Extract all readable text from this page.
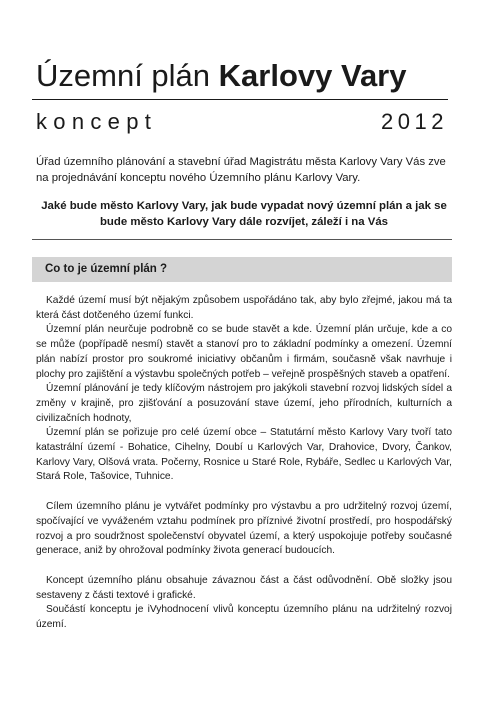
Územní plán Karlovy Vary
koncept	2012

Úřad územního plánování a stavební úřad Magistrátu města Karlovy Vary Vás zve na projednávání konceptu nového Územního plánu Karlovy Vary.

Jaké bude město Karlovy Vary, jak bude vypadat nový územní plán a jak se bude město Karlovy Vary dále rozvíjet, záleží i na Vás

Co to je územní plán ?

Každé území musí být nějakým způsobem uspořádáno tak, aby bylo zřejmé, jakou má ta která část dotčeného území funkci.

Územní plán neurčuje podrobně co se bude stavět a kde. Územní plán určuje, kde a co se může (popřípadě nesmí) stavět a stanoví pro to základní podmínky a omezení. Územní plán nabízí prostor pro soukromé iniciativy občanům i firmám, současně však navrhuje i plochy pro zajištění a výstavbu společných potřeb – veřejně prospěšných staveb a opatření.

Územní plánování je tedy klíčovým nástrojem pro jakýkoli stavební rozvoj lidských sídel a změny v krajině, pro zjišťování a posuzování stave území, jeho přírodních, kulturních a civilizačních hodnoty,

Územní plán se pořizuje pro celé území obce – Statutární město Karlovy Vary tvoří tato katastrální území - Bohatice, Cihelny, Doubí u Karlových Var, Drahovice, Dvory, Čankov, Karlovy Vary, Olšová vrata. Počerny, Rosnice u Staré Role, Rybáře, Sedlec u Karlových Var, Stará Role, Tašovice, Tuhnice.

Cílem územního plánu je vytvářet podmínky pro výstavbu a pro udržitelný rozvoj území, spočívající ve vyváženém vztahu podmínek pro příznivé životní prostředí, pro hospodářský rozvoj a pro soudržnost společenství obyvatel území, a který uspokojuje potřeby současné generace, aniž by ohrožoval podmínky života generací budoucích.

Koncept územního plánu obsahuje závaznou část a část odůvodnění. Obě složky jsou sestaveny z části textové i grafické.

Součástí konceptu je iVyhodnocení vlivů konceptu územního plánu na udržitelný rozvoj území.
